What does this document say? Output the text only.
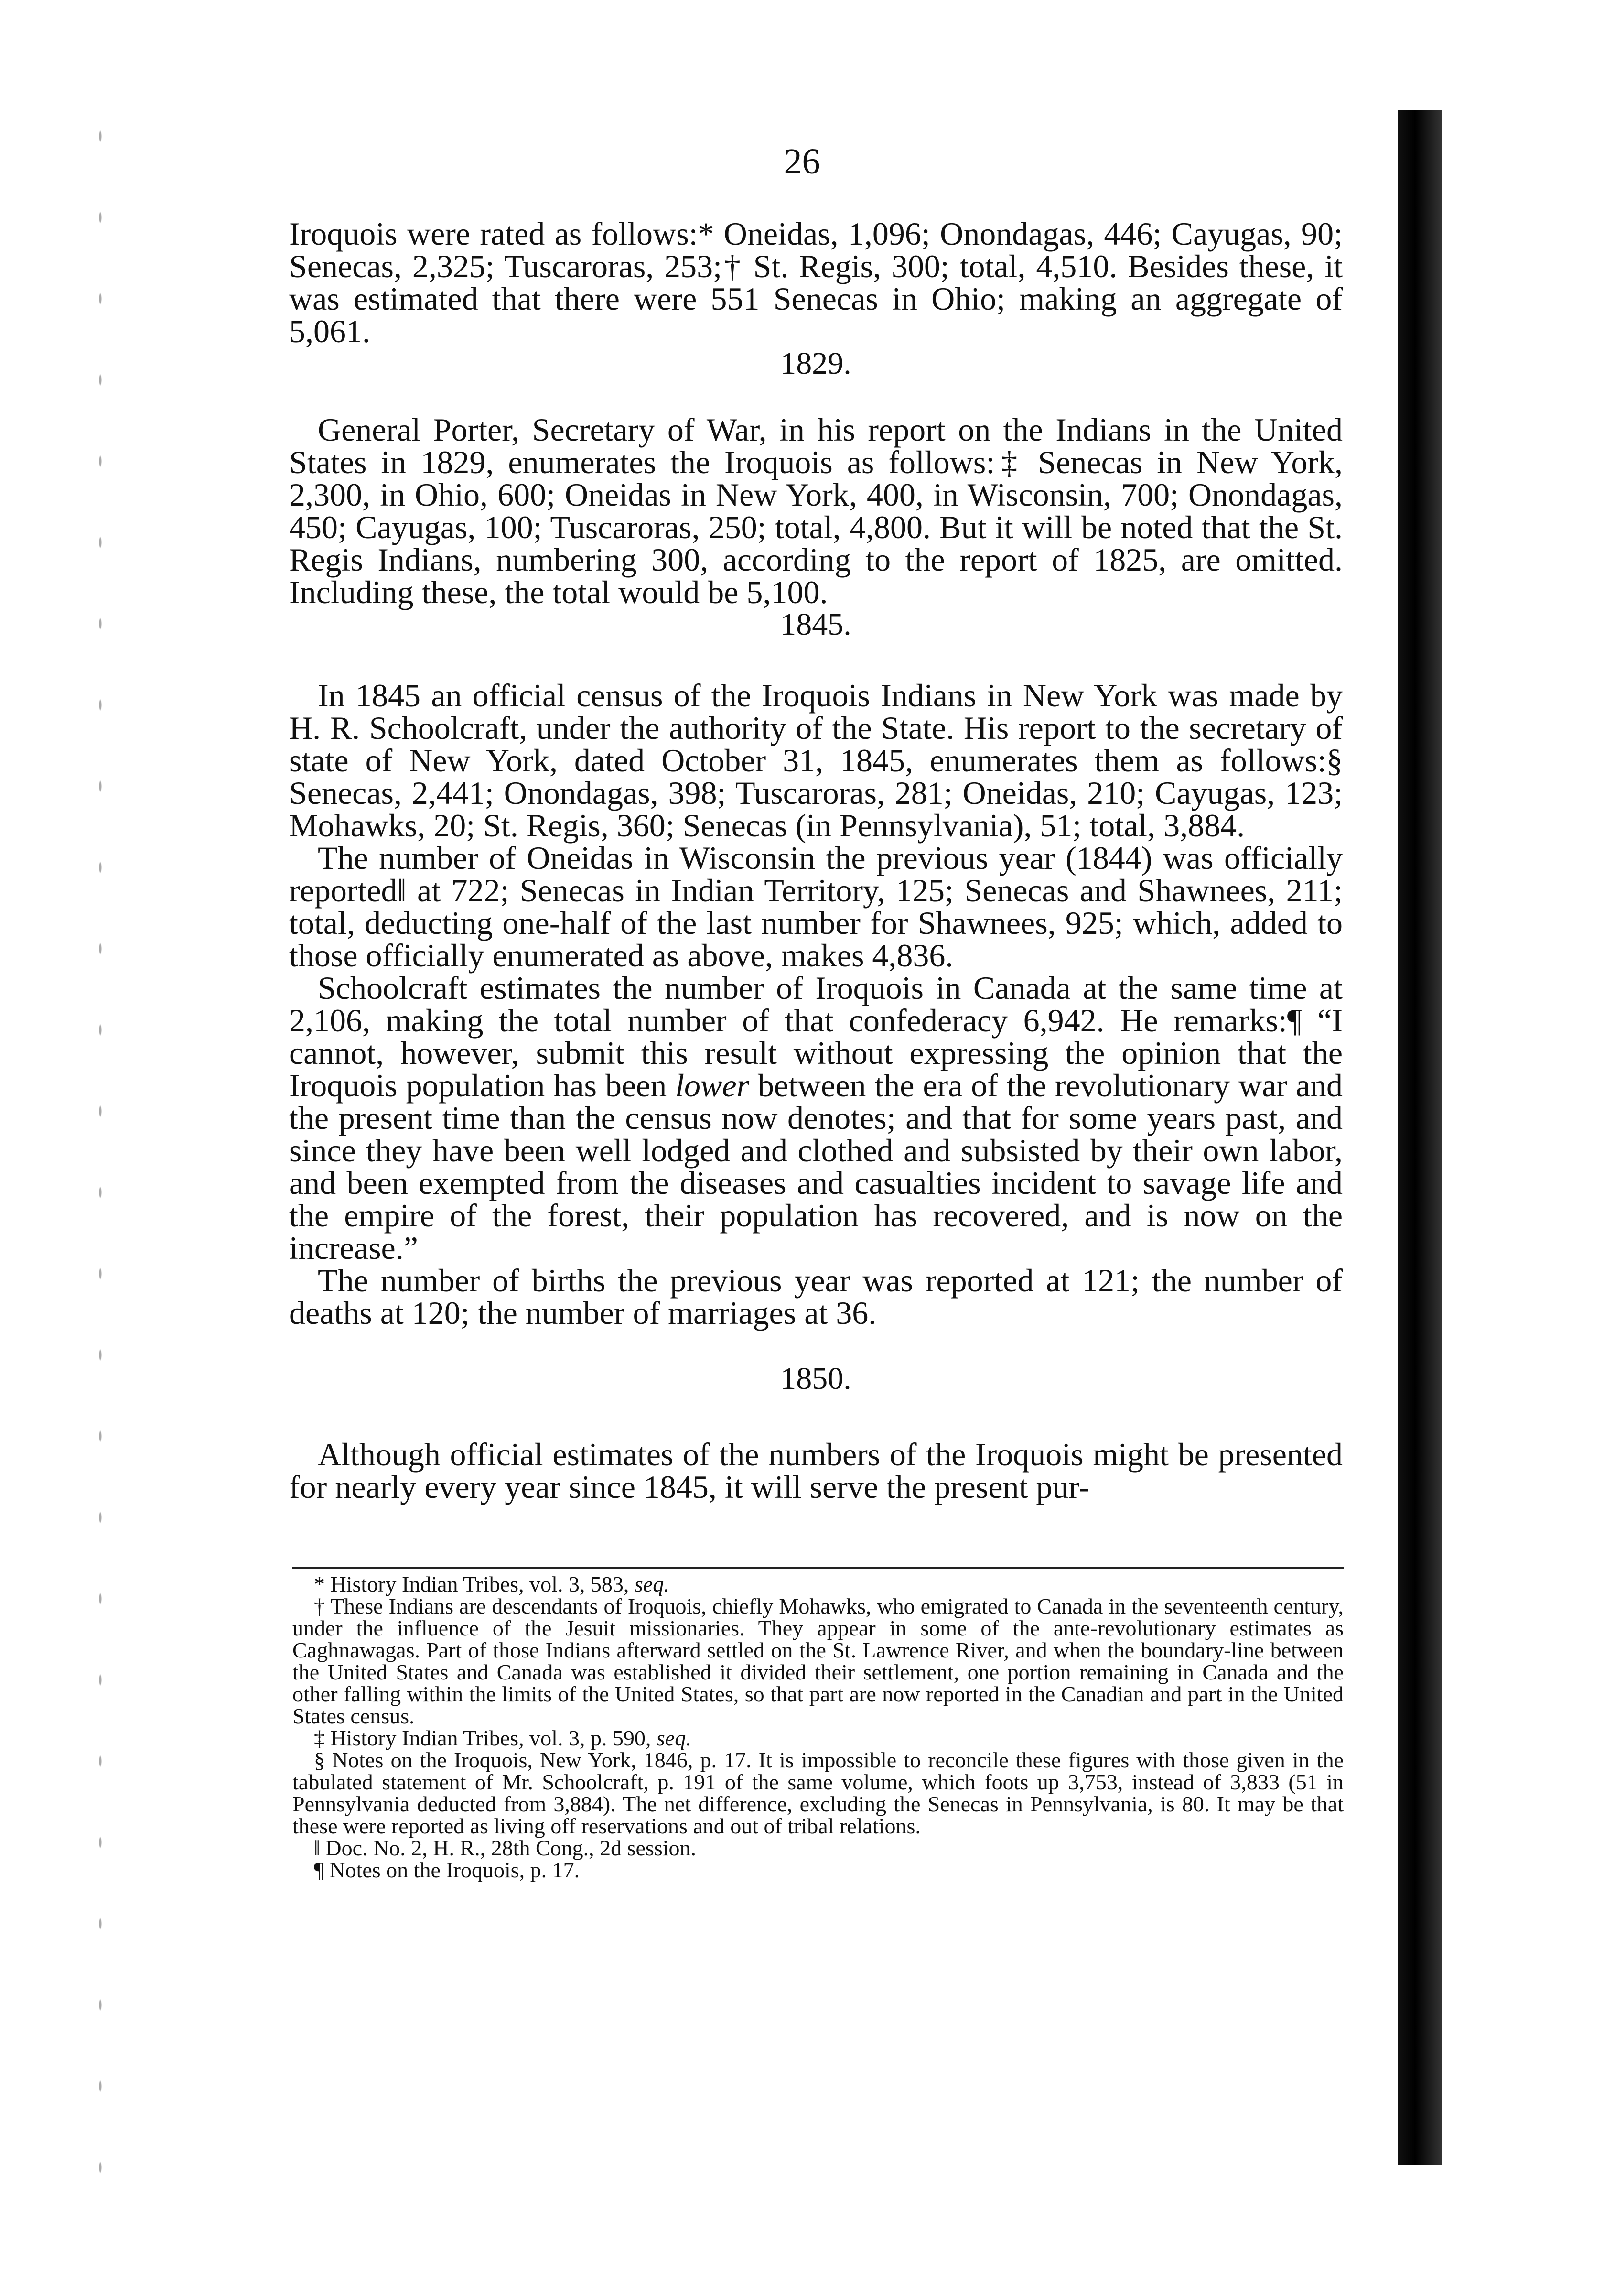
26

Iroquois were rated as follows:* Oneidas, 1,096; Onondagas, 446; Cayugas, 90; Senecas, 2,325; Tuscaroras, 253;† St. Regis, 300; total, 4,510. Besides these, it was estimated that there were 551 Senecas in Ohio; making an aggregate of 5,061.

1829.

General Porter, Secretary of War, in his report on the Indians in the United States in 1829, enumerates the Iroquois as follows:‡ Senecas in New York, 2,300, in Ohio, 600; Oneidas in New York, 400, in Wisconsin, 700; Onondagas, 450; Cayugas, 100; Tuscaroras, 250; total, 4,800. But it will be noted that the St. Regis Indians, numbering 300, according to the report of 1825, are omitted. Including these, the total would be 5,100.

1845.

In 1845 an official census of the Iroquois Indians in New York was made by H. R. Schoolcraft, under the authority of the State. His report to the secretary of state of New York, dated October 31, 1845, enumerates them as follows:§ Senecas, 2,441; Onondagas, 398; Tuscaroras, 281; Oneidas, 210; Cayugas, 123; Mohawks, 20; St. Regis, 360; Senecas (in Pennsylvania), 51; total, 3,884.

The number of Oneidas in Wisconsin the previous year (1844) was officially reported‖ at 722; Senecas in Indian Territory, 125; Senecas and Shawnees, 211; total, deducting one-half of the last number for Shawnees, 925; which, added to those officially enumerated as above, makes 4,836.

Schoolcraft estimates the number of Iroquois in Canada at the same time at 2,106, making the total number of that confederacy 6,942. He remarks:¶ “I cannot, however, submit this result without expressing the opinion that the Iroquois population has been lower between the era of the revolutionary war and the present time than the census now denotes; and that for some years past, and since they have been well lodged and clothed and subsisted by their own labor, and been exempted from the diseases and casualties incident to savage life and the empire of the forest, their population has recovered, and is now on the increase.”

The number of births the previous year was reported at 121; the number of deaths at 120; the number of marriages at 36.

1850.

Although official estimates of the numbers of the Iroquois might be presented for nearly every year since 1845, it will serve the present pur-

* History Indian Tribes, vol. 3, 583, seq.

† These Indians are descendants of Iroquois, chiefly Mohawks, who emigrated to Canada in the seventeenth century, under the influence of the Jesuit missionaries. They appear in some of the ante-revolutionary estimates as Caghnawagas. Part of those Indians afterward settled on the St. Lawrence River, and when the boundary-line between the United States and Canada was established it divided their settlement, one portion remaining in Canada and the other falling within the limits of the United States, so that part are now reported in the Canadian and part in the United States census.

‡ History Indian Tribes, vol. 3, p. 590, seq.

§ Notes on the Iroquois, New York, 1846, p. 17. It is impossible to reconcile these figures with those given in the tabulated statement of Mr. Schoolcraft, p. 191 of the same volume, which foots up 3,753, instead of 3,833 (51 in Pennsylvania deducted from 3,884). The net difference, excluding the Senecas in Pennsylvania, is 80. It may be that these were reported as living off reservations and out of tribal relations.

‖ Doc. No. 2, H. R., 28th Cong., 2d session.

¶ Notes on the Iroquois, p. 17.
